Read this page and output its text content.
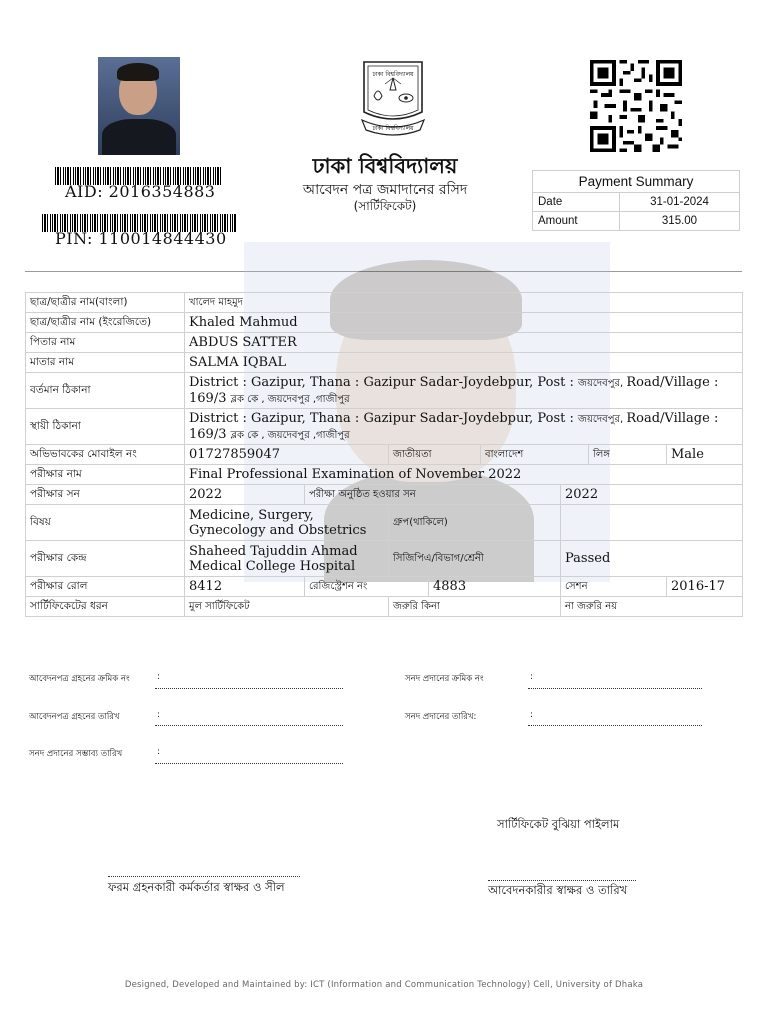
AID: 2016354883
PIN: 110014844430
ঢাকা বিশ্ববিদ্যালয়
ঢাকা বিশ্ববিদ্যালয়
ঢাকা বিশ্ববিদ্যালয়
আবেদন পত্র জমাদানের রসিদ
(সার্টিফিকেট)
Payment Summary	
Date	31-01-2024
Amount	315.00
ছাত্র/ছাত্রীর নাম(বাংলা)	খালেদ মাহমুদ							
ছাত্র/ছাত্রীর নাম (ইংরেজিতে)	Khaled Mahmud							
পিতার নাম	ABDUS SATTER							
মাতার নাম	SALMA IQBAL							
বর্তমান ঠিকানা	District : Gazipur, Thana : Gazipur Sadar-Joydebpur, Post : জয়দেবপুর, Road/Village : 169/3 ব্লক কে , জয়দেবপুর ,গাজীপুর							
স্থায়ী ঠিকানা	District : Gazipur, Thana : Gazipur Sadar-Joydebpur, Post : জয়দেবপুর, Road/Village : 169/3 ব্লক কে , জয়দেবপুর ,গাজীপুর							
অভিভাবকের মোবাইল নং	01727859047		জাতীয়তা		বাংলাদেশ		লিঙ্গ	Male
পরীক্ষার নাম	Final Professional Examination of November 2022							
পরীক্ষার সন	2022	পরীক্ষা অনুষ্ঠিত হওয়ার সন				2022		
বিষয়	Medicine, Surgery,
Gynecology and Obstetrics		গ্রুপ(থাকিলে)					
পরীক্ষার কেন্দ্র	Shaheed Tajuddin Ahmad
Medical College Hospital		সিজিপিএ/বিভাগ/শ্রেনী			Passed		
পরীক্ষার রোল	8412	রেজিস্ট্রেশন নং		4883		সেশন		2016-17
সার্টিফিকেটের ধরন	মুল সার্টিফিকেট		জরুরি কিনা			না জরুরি নয়		
আবেদনপত্র গ্রহনের ক্রমিক নং	:
আবেদনপত্র গ্রহনের তারিখ	:
সনদ প্রদানের সম্ভাব্য তারিখ	:
সনদ প্রদানের ক্রমিক নং	:
সনদ প্রদানের তারিখ:	:
সার্টিফিকেট বুঝিয়া পাইলাম
ফরম গ্রহনকারী কর্মকর্তার স্বাক্ষর ও সীল	আবেদনকারীর স্বাক্ষর ও তারিখ
Designed, Developed and Maintained by: ICT (Information and Communication Technology) Cell, University of Dhaka
